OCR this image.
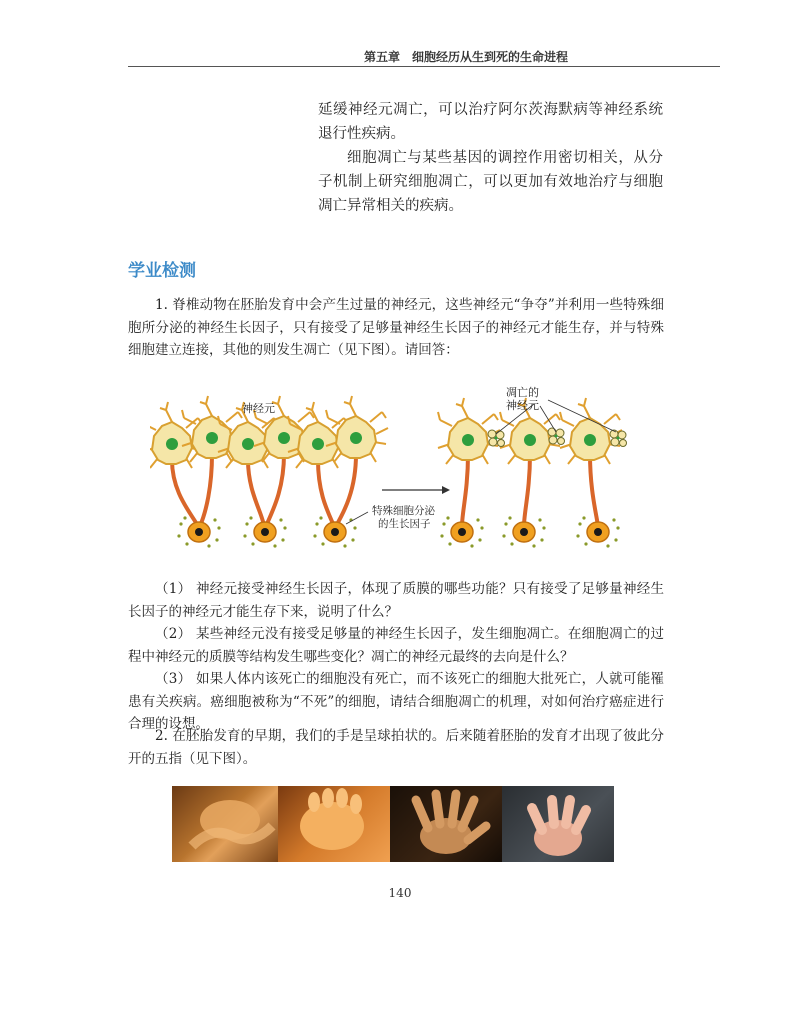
第五章　细胞经历从生到死的生命进程

延缓神经元凋亡，可以治疗阿尔茨海默病等神经系统退行性疾病。

细胞凋亡与某些基因的调控作用密切相关，从分子机制上研究细胞凋亡，可以更加有效地治疗与细胞凋亡异常相关的疾病。

学业检测

1. 脊椎动物在胚胎发育中会产生过量的神经元，这些神经元“争夺”并利用一些特殊细胞所分泌的神经生长因子，只有接受了足够量神经生长因子的神经元才能生存，并与特殊细胞建立连接，其他的则发生凋亡（见下图）。请回答：

神经元
凋亡的
神经元
特殊细胞分泌
的生长因子

（1） 神经元接受神经生长因子，体现了质膜的哪些功能？只有接受了足够量神经生长因子的神经元才能生存下来，说明了什么？

（2） 某些神经元没有接受足够量的神经生长因子，发生细胞凋亡。在细胞凋亡的过程中神经元的质膜等结构发生哪些变化？凋亡的神经元最终的去向是什么？

（3） 如果人体内该死亡的细胞没有死亡，而不该死亡的细胞大批死亡，人就可能罹患有关疾病。癌细胞被称为“不死”的细胞，请结合细胞凋亡的机理，对如何治疗癌症进行合理的设想。

2. 在胚胎发育的早期，我们的手是呈球拍状的。后来随着胚胎的发育才出现了彼此分开的五指（见下图）。

140
